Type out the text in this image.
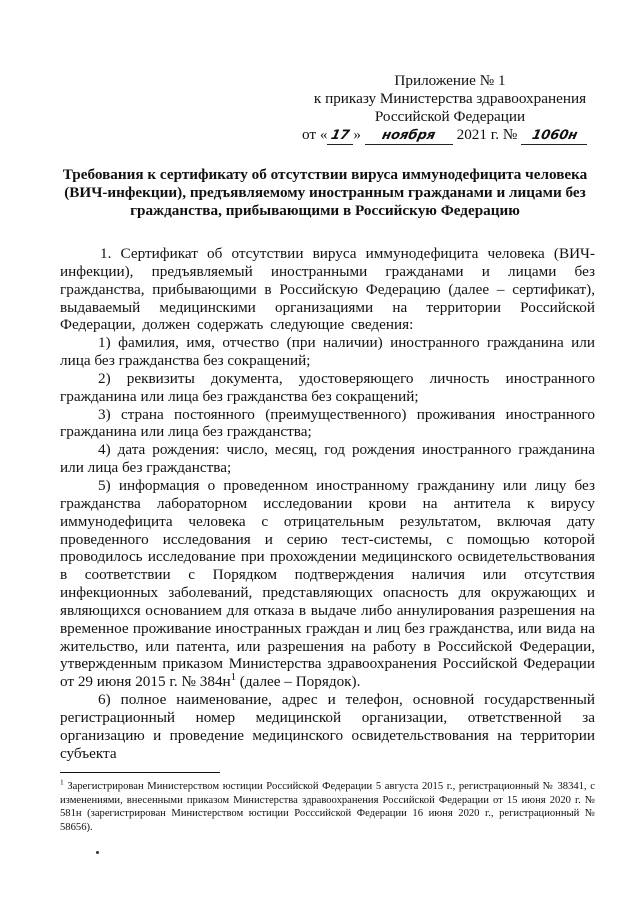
Приложение № 1
к приказу Министерства здравоохранения
Российской Федерации
от « 17 » ноября 2021 г. № 1060н
Требования к сертификату об отсутствии вируса иммунодефицита человека (ВИЧ-инфекции), предъявляемому иностранным гражданами и лицами без гражданства, прибывающими в Российскую Федерацию

1. Сертификат об отсутствии вируса иммунодефицита человека (ВИЧ-инфекции), предъявляемый иностранными гражданами и лицами без гражданства, прибывающими в Российскую Федерацию (далее – сертификат), выдаваемый медицинскими организациями на территории Российской Федерации, должен содержать следующие сведения:

1) фамилия, имя, отчество (при наличии) иностранного гражданина или лица без гражданства без сокращений;

2) реквизиты документа, удостоверяющего личность иностранного гражданина или лица без гражданства без сокращений;

3) страна постоянного (преимущественного) проживания иностранного гражданина или лица без гражданства;

4) дата рождения: число, месяц, год рождения иностранного гражданина или лица без гражданства;

5) информация о проведенном иностранному гражданину или лицу без гражданства лабораторном исследовании крови на антитела к вирусу иммунодефицита человека с отрицательным результатом, включая дату проведенного исследования и серию тест-системы, с помощью которой проводилось исследование при прохождении медицинского освидетельствования в соответствии с Порядком подтверждения наличия или отсутствия инфекционных заболеваний, представляющих опасность для окружающих и являющихся основанием для отказа в выдаче либо аннулирования разрешения на временное проживание иностранных граждан и лиц без гражданства, или вида на жительство, или патента, или разрешения на работу в Российской Федерации, утвержденным приказом Министерства здравоохранения Российской Федерации от 29 июня 2015 г. № $384н^1$ (далее – Порядок).

6) полное наименование, адрес и телефон, основной государственный регистрационный номер медицинской организации, ответственной за организацию и проведение медицинского освидетельствования на территории субъекта

$^1$ Зарегистрирован Министерством юстиции Российской Федерации 5 августа 2015 г., регистрационный № 38341, с изменениями, внесенными приказом Министерства здравоохранения Российской Федерации от 15 июня 2020 г. № 581н (зарегистрирован Министерством юстиции Росссийской Федерации 16 июня 2020 г., регистрационный № 58656).
